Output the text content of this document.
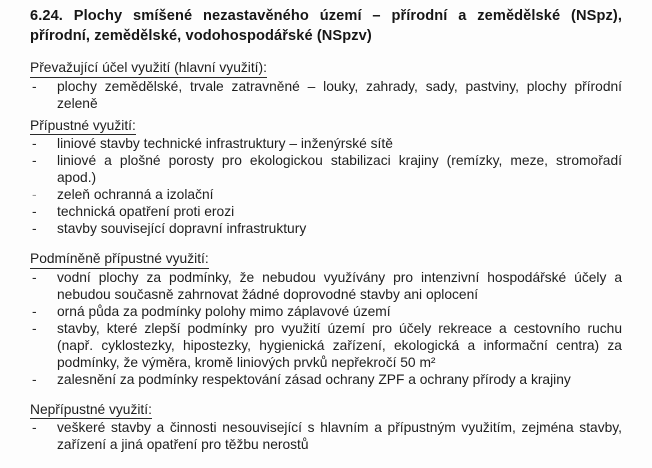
6.24. Plochy smíšené nezastavěného území – přírodní a zemědělské (NSpz), přírodní, zemědělské, vodohospodářské (NSpzv)
Převažující účel využití (hlavní využití):
-
plochy zemědělské, trvale zatravněné – louky, zahrady, sady, pastviny, plochy přírodní zeleně
Přípustné využití:
-
liniové stavby technické infrastruktury – inženýrské sítě
-
liniové a plošné porosty pro ekologickou stabilizaci krajiny (remízky, meze, stromořadí apod.)
-
zeleň ochranná a izolační
-
technická opatření proti erozi
-
stavby související dopravní infrastruktury
Podmíněně přípustné využití:
-
vodní plochy za podmínky, že nebudou využívány pro intenzivní hospodářské účely a nebudou současně zahrnovat žádné doprovodné stavby ani oplocení
-
orná půda za podmínky polohy mimo záplavové území
-
stavby, které zlepší podmínky pro využití území pro účely rekreace a cestovního ruchu (např. cyklostezky, hipostezky, hygienická zařízení, ekologická a informační centra) za podmínky, že výměra, kromě liniových prvků nepřekročí 50 m²
-
zalesnění za podmínky respektování zásad ochrany ZPF a ochrany přírody a krajiny
Nepřípustné využití:
-
veškeré stavby a činnosti nesouvisející s hlavním a přípustným využitím, zejména stavby, zařízení a jiná opatření pro těžbu nerostů
